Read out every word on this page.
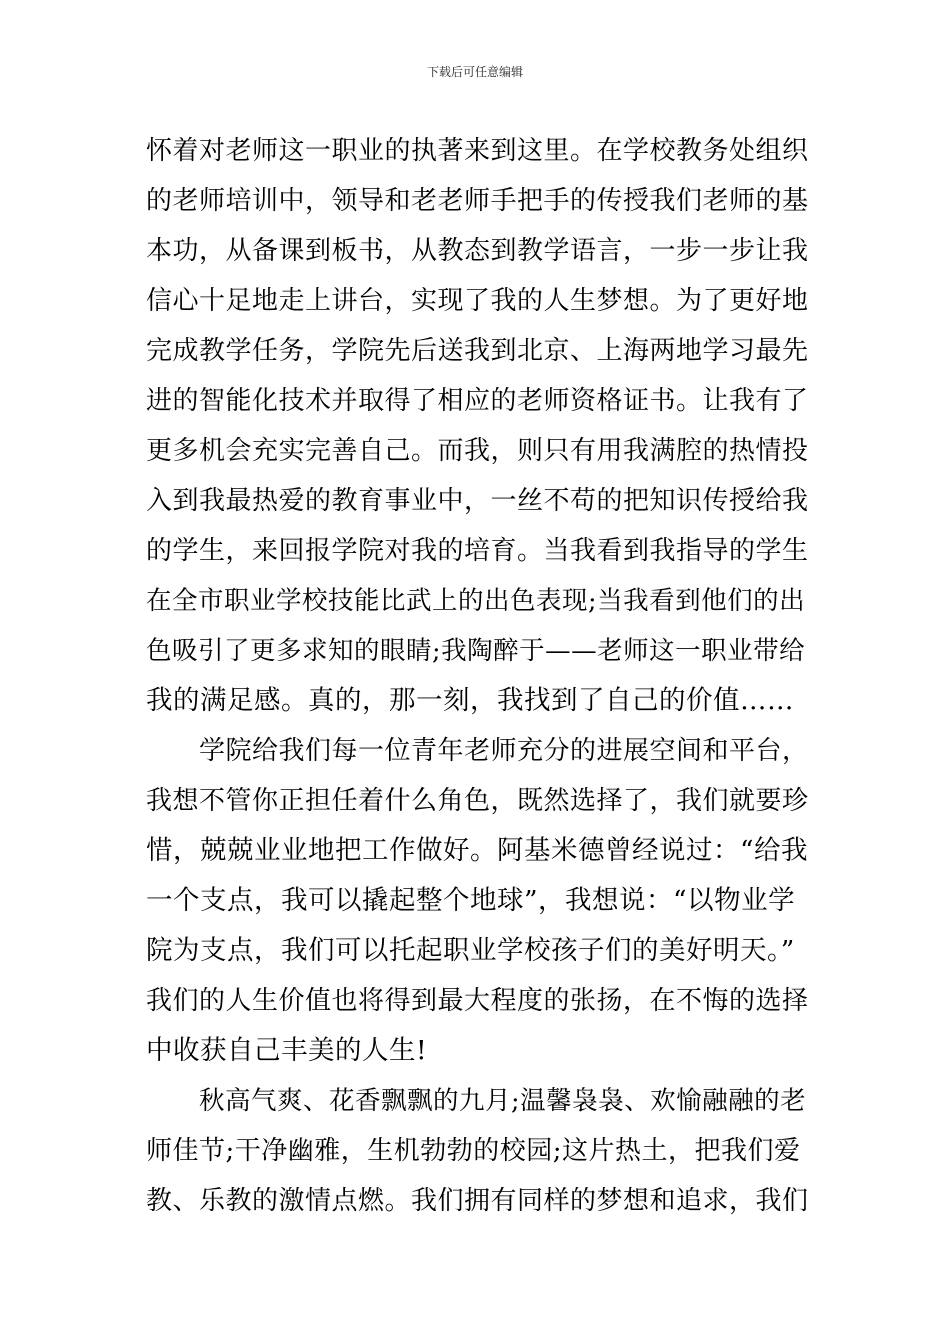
下载后可任意编辑

怀着对老师这一职业的执著来到这里。在学校教务处组织
的老师培训中，领导和老老师手把手的传授我们老师的基
本功，从备课到板书，从教态到教学语言，一步一步让我
信心十足地走上讲台，实现了我的人生梦想。为了更好地
完成教学任务，学院先后送我到北京、上海两地学习最先
进的智能化技术并取得了相应的老师资格证书。让我有了
更多机会充实完善自己。而我，则只有用我满腔的热情投
入到我最热爱的教育事业中，一丝不苟的把知识传授给我
的学生，来回报学院对我的培育。当我看到我指导的学生
在全市职业学校技能比武上的出色表现;当我看到他们的出
色吸引了更多求知的眼睛;我陶醉于——老师这一职业带给
我的满足感。真的，那一刻，我找到了自己的价值……

学院给我们每一位青年老师充分的进展空间和平台，
我想不管你正担任着什么角色，既然选择了，我们就要珍
惜，兢兢业业地把工作做好。阿基米德曾经说过：“给我
一个支点，我可以撬起整个地球”，我想说：“以物业学
院为支点，我们可以托起职业学校孩子们的美好明天。”
我们的人生价值也将得到最大程度的张扬，在不悔的选择
中收获自己丰美的人生!

秋高气爽、花香飘飘的九月;温馨袅袅、欢愉融融的老
师佳节;干净幽雅，生机勃勃的校园;这片热土，把我们爱
教、乐教的激情点燃。我们拥有同样的梦想和追求，我们
